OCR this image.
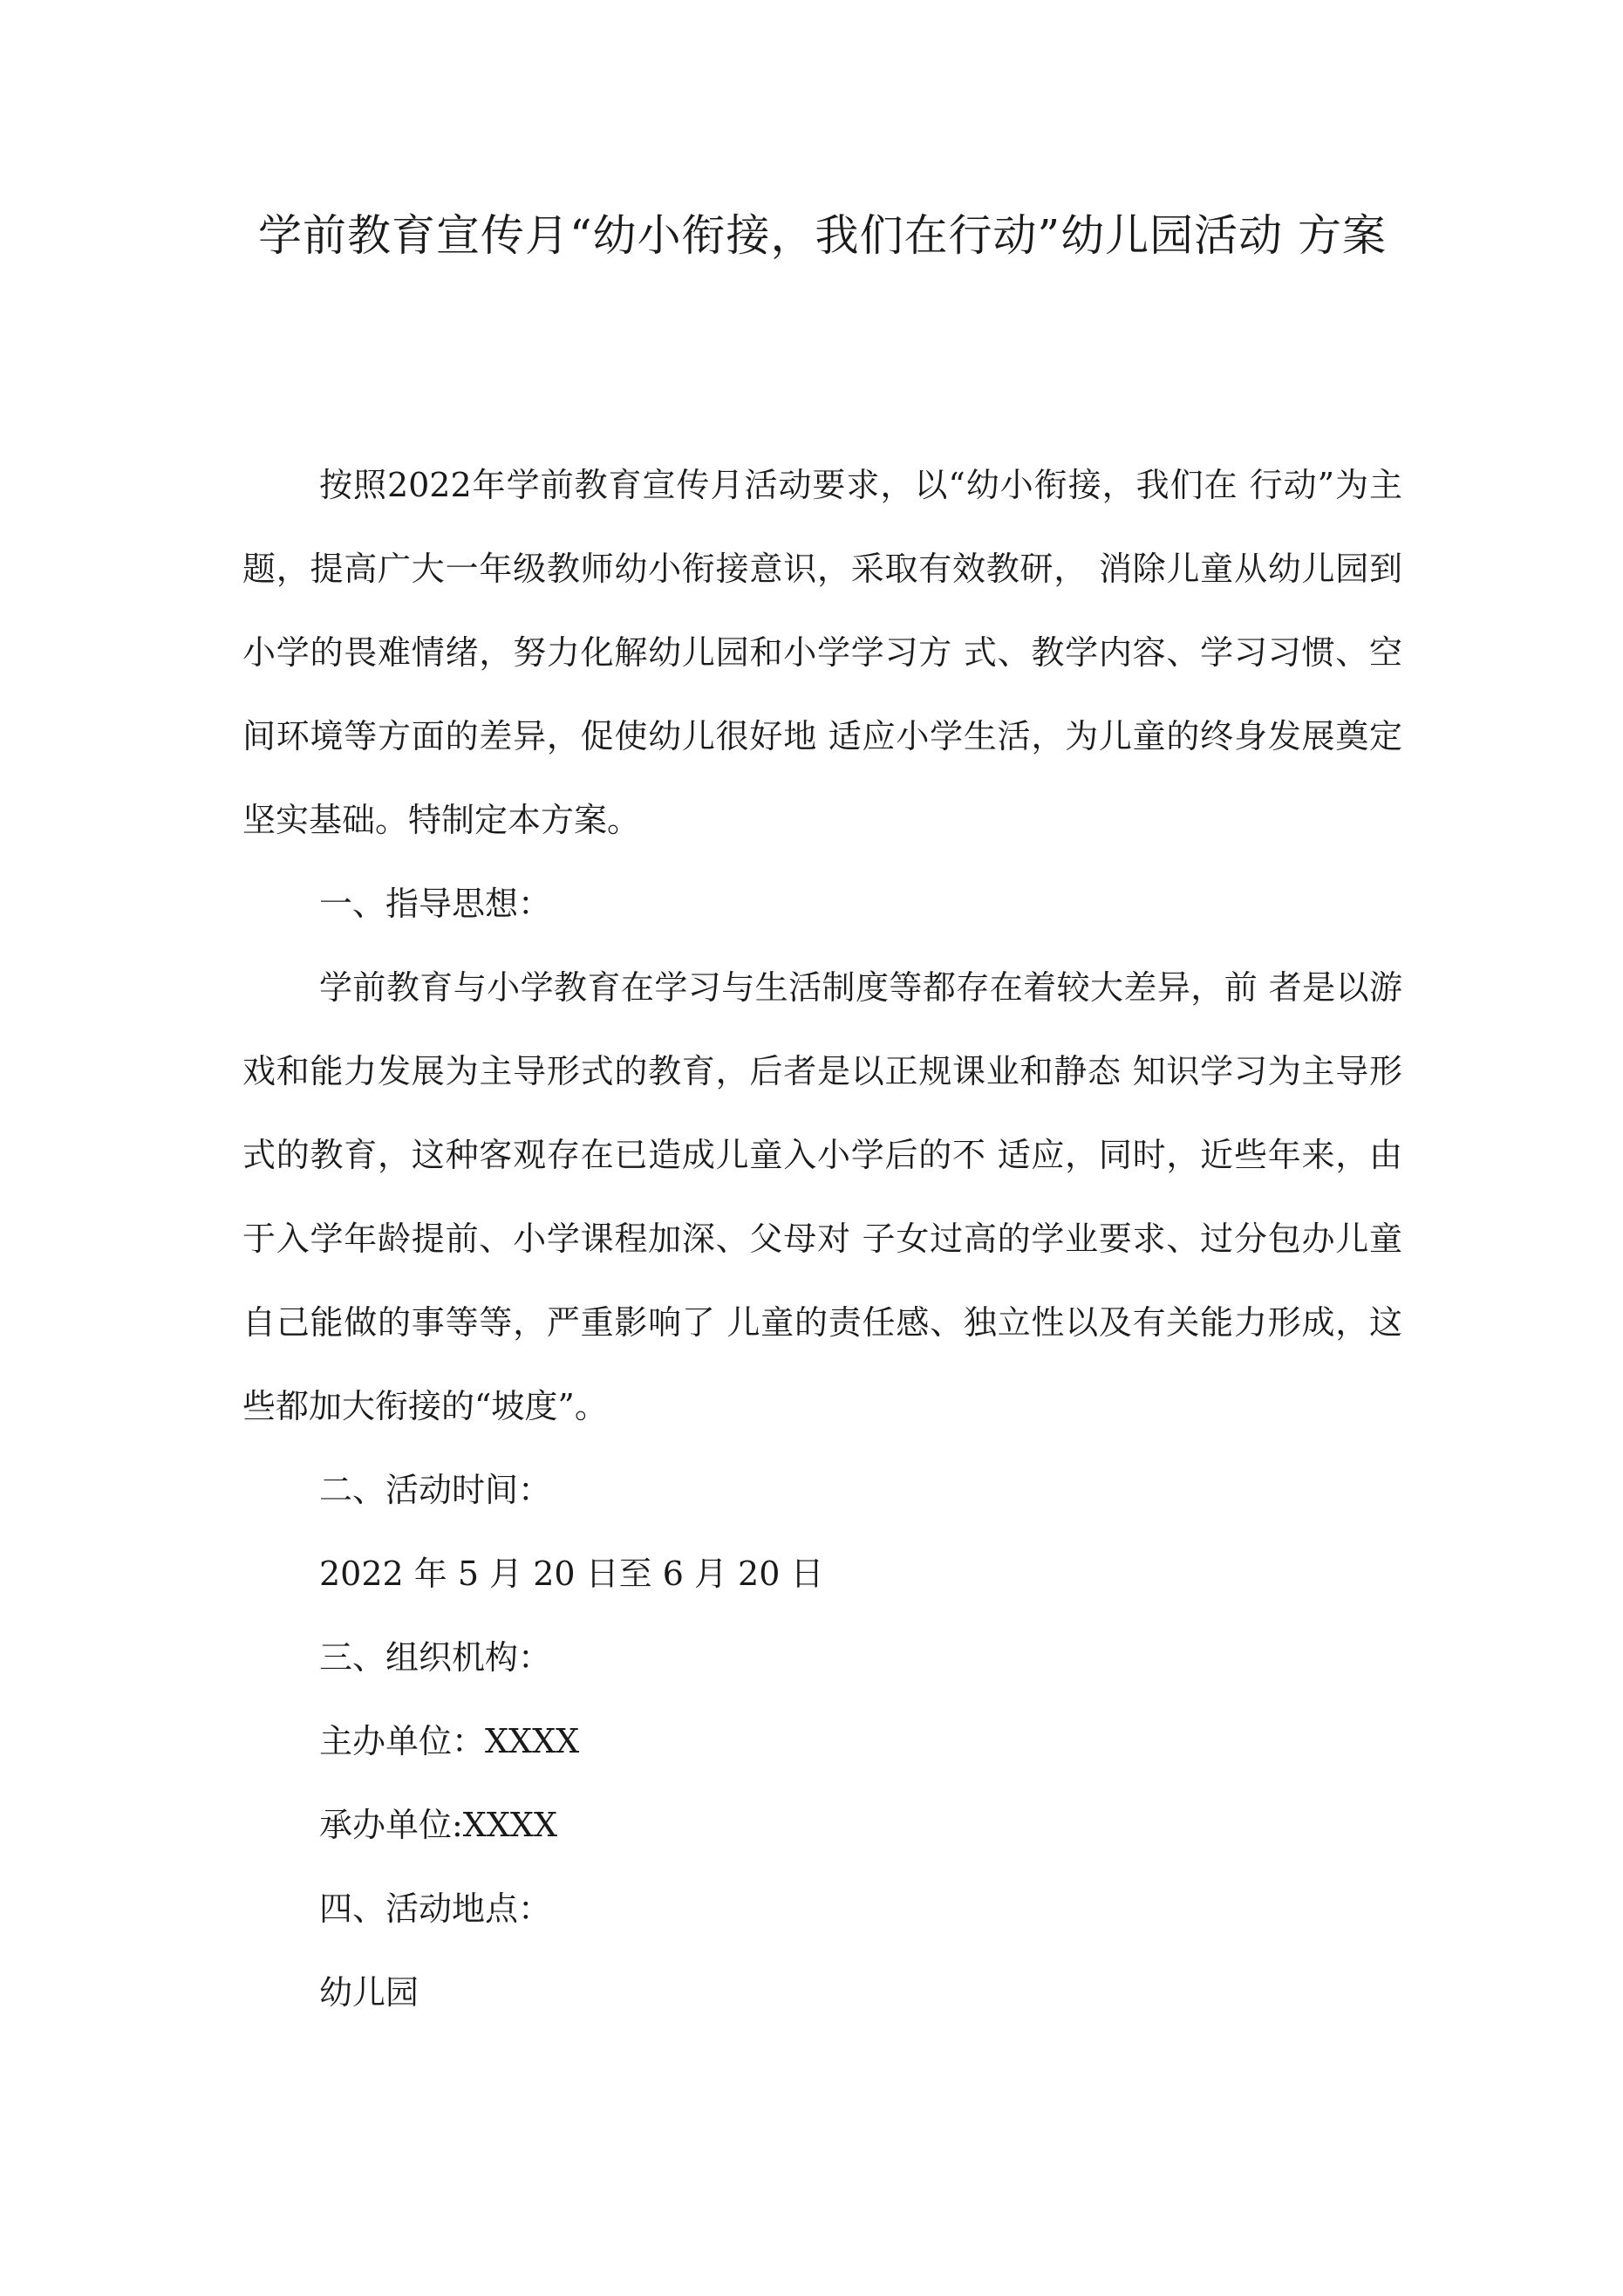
学前教育宣传月“幼小衔接，我们在行动”幼儿园活动 方案

按照2022年学前教育宣传月活动要求，以“幼小衔接，我们在 行动”为主题，提高广大一年级教师幼小衔接意识，采取有效教研， 消除儿童从幼儿园到小学的畏难情绪，努力化解幼儿园和小学学习方 式、教学内容、学习习惯、空间环境等方面的差异，促使幼儿很好地 适应小学生活，为儿童的终身发展奠定坚实基础。特制定本方案。

一、指导思想：

学前教育与小学教育在学习与生活制度等都存在着较大差异，前 者是以游戏和能力发展为主导形式的教育，后者是以正规课业和静态 知识学习为主导形式的教育，这种客观存在已造成儿童入小学后的不 适应，同时，近些年来，由于入学年龄提前、小学课程加深、父母对 子女过高的学业要求、过分包办儿童自己能做的事等等，严重影响了 儿童的责任感、独立性以及有关能力形成，这些都加大衔接的“坡度”。

二、活动时间：

2022 年 5 月 20 日至 6 月 20 日

三、组织机构：

主办单位：XXXX

承办单位:XXXX

四、活动地点：

幼儿园
